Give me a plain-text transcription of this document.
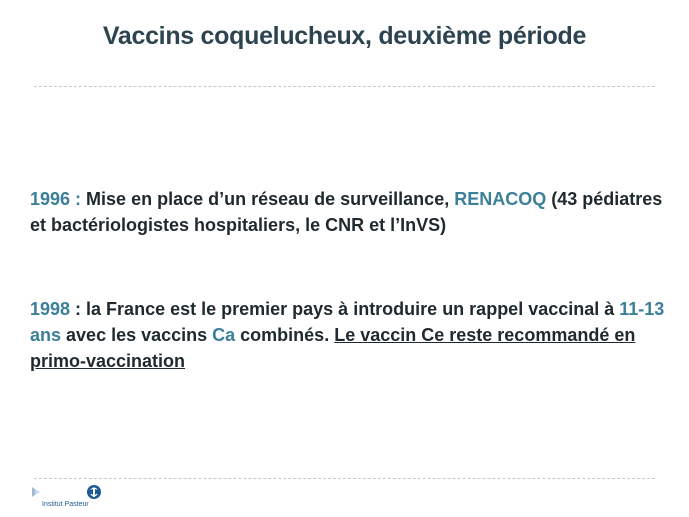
Vaccins coquelucheux, deuxième période
1996 : Mise en place d’un réseau de surveillance, RENACOQ (43 pédiatres et bactériologistes hospitaliers, le CNR et l’InVS)
1998 : la France est le premier pays à introduire un rappel vaccinal à 11-13 ans avec les vaccins Ca combinés. Le vaccin Ce reste recommandé en primo-vaccination
Institut Pasteur
